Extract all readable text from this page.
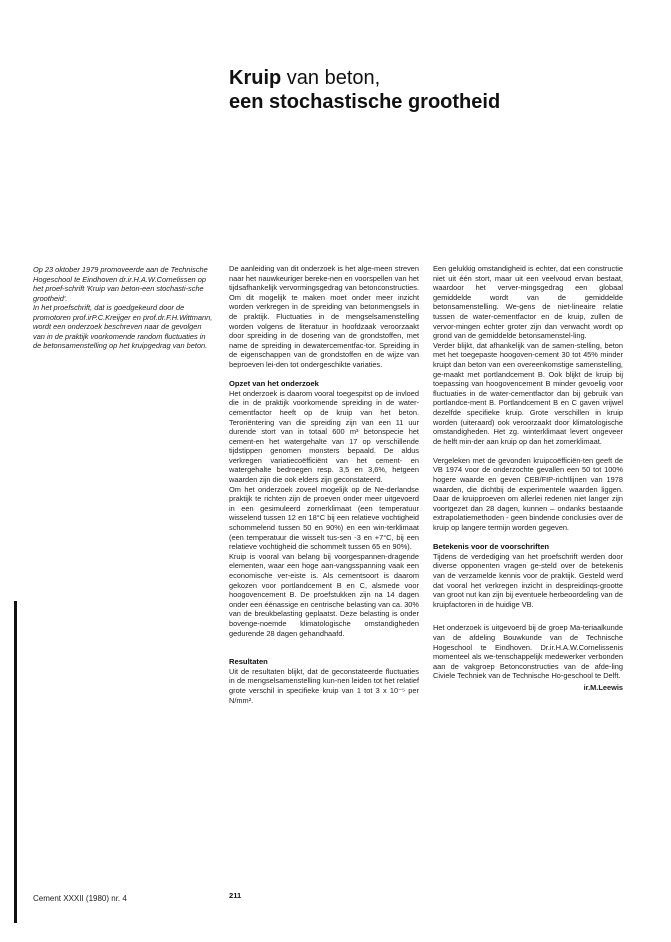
Kruip van beton,
een stochastische grootheid

Op 23 oktober 1979 promoveerde aan de Technische Hogeschool te Eindhoven dr.ir.H.A.W.Cornelissen op het proef-schrift 'Kruip van beton-een stochasti-sche grootheid'.

In het proefschrift, dat is goedgekeurd door de promotoren prof.irP.C.Kreijger en prof.dr.F.H.Wittmann, wordt een onderzoek beschreven naar de gevolgen van in de praktijk voorkomende random fluctuaties in de betonsamenstelling op het kruipgedrag van beton.

De aanleiding van dit onderzoek is het alge-meen streven naar het nauwkeuriger bereke-nen en voorspellen van het tijdsafhankelijk vervormingsgedrag van betonconstructies. Om dit mogelijk te maken moet onder meer inzicht worden verkregen in de spreiding van betonmengsels in de praktijk. Fluctuaties in de mengselsamenstelling worden volgens de literatuur in hoofdzaak veroorzaakt door spreiding in de dosering van de grondstoffen, met name de spreiding in dewatercementfac-tor. Spreiding in de eigenschappen van de grondstoffen en de wijze van beproeven lei-den tot ondergeschikte variaties.

Opzet van het onderzoek

Het onderzoek is daarom vooral toegespitst op de invloed die in de praktijk voorkomende spreiding in de water-cementfactor heeft op de kruip van het beton. Teroriëntering van die spreiding zijn van een 11 uur durende stort van in totaal 600 m³ betonspecie het cement-en het watergehalte van 17 op verschillende tijdstippen genomen monsters bepaald. De aldus verkregen variatiecoëfficiënt van het cement- en watergehalte bedroegen resp. 3,5 en 3,6%, hetgeen waarden zijn die ook elders zijn geconstateerd.

Om het onderzoek zoveel mogelijk op de Ne-derlandse praktijk te richten zijn de proeven onder meer uitgevoerd in een gesimuleerd zornerklimaat (een temperatuur wisselend tussen 12 en 18°C bij een relatieve vochtigheid schommelend tussen 50 en 90%) en een win-terklimaat (een temperatuur die wisselt tus-sen -3 en +7°C, bij een relatieve vochtigheid die schommelt tussen 65 en 90%).

Kruip is vooral van belang bij voorgespannen-dragende elementen, waar een hoge aan-vangsspanning vaak een economische ver-eiste is. Als cementsoort is daarom gekozen voor portlandcement B en C, alsmede voor hoogovencement B. De proefstukken zijn na 14 dagen onder een éénassige en centrische belasting van ca. 30% van de breukbelasting geplaatst. Deze belasting is onder bovenge-noemde klimatologische omstandigheden gedurende 28 dagen gehandhaafd.

Resultaten

Uit de resultaten blijkt, dat de geconstateerde fluctuaties in de mengselsamenstelling kun-nen leiden tot het relatief grote verschil in specifieke kruip van 1 tot 3 x 10⁻⁵ per N/mm².

Een gelukkig omstandigheid is echter, dat een constructie niet uit één stort, maar uit een veelvoud ervan bestaat, waardoor het verver-mingsgedrag een globaal gemiddelde wordt van de gemiddelde betonsamenstelling. We-gens de niet-lineaire relatie tussen de water-cementfactor en de kruip, zullen de vervor-mingen echter groter zijn dan verwacht wordt op grond van de gemiddelde betonsamenstel-ling.

Verder blijkt, dat afhankelijk van de samen-stelling, beton met het toegepaste hoogoven-cement 30 tot 45% minder kruipt dan beton van een overeenkomstige samenstelling, ge-maakt met portlandcement B. Ook blijkt de kruip bij toepassing van hoogovencement B minder gevoelig voor fluctuaties in de water-cementfactor dan bij gebruik van portlandce-ment B. Portlandcement B en C gaven vrijwel dezelfde specifieke kruip. Grote verschillen in kruip worden (uiteraard) ook veroorzaakt door klimatologische omstandigheden. Het zg. winterklimaat levert ongeveer de helft min-der aan kruip op dan het zomerklimaat.

Vergeleken met de gevonden kruipcoëfficiën-ten geeft de VB 1974 voor de onderzochte gevallen een 50 tot 100% hogere waarde en geven CEB/FIP-richtlijnen van 1978 waarden, die dichtbij de experimentele waarden liggen. Daar de kruipproeven om allerlei redenen niet langer zijn voortgezet dan 28 dagen, kunnen – ondanks bestaande extrapolatiemethoden - geen bindende conclusies over de kruip op langere termijn worden gegeven.

Betekenis voor de voorschriften

Tijdens de verdediging van het proefschrift werden door diverse opponenten vragen ge-steld over de betekenis van de verzamelde kennis voor de praktijk. Gesteld werd dat vooral het verkregen inzicht in despreidinqs-grootte van groot nut kan zijn bij eventuele herbeoordeling van de kruipfactoren in de huidige VB.

Het onderzoek is uitgevoerd bij de groep Ma-teriaalkunde van de afdeling Bouwkunde van de Technische Hogeschool te Eindhoven. Dr.ir.H.A.W.Cornelissenis momenteel als we-tenschappelijk medewerker verbonden aan de vakgroep Betonconstructies van de afde-ling Civiele Techniek van de Technische Ho-geschool te Delft.

ir.M.Leewis

Cement XXXII (1980) nr. 4	211
